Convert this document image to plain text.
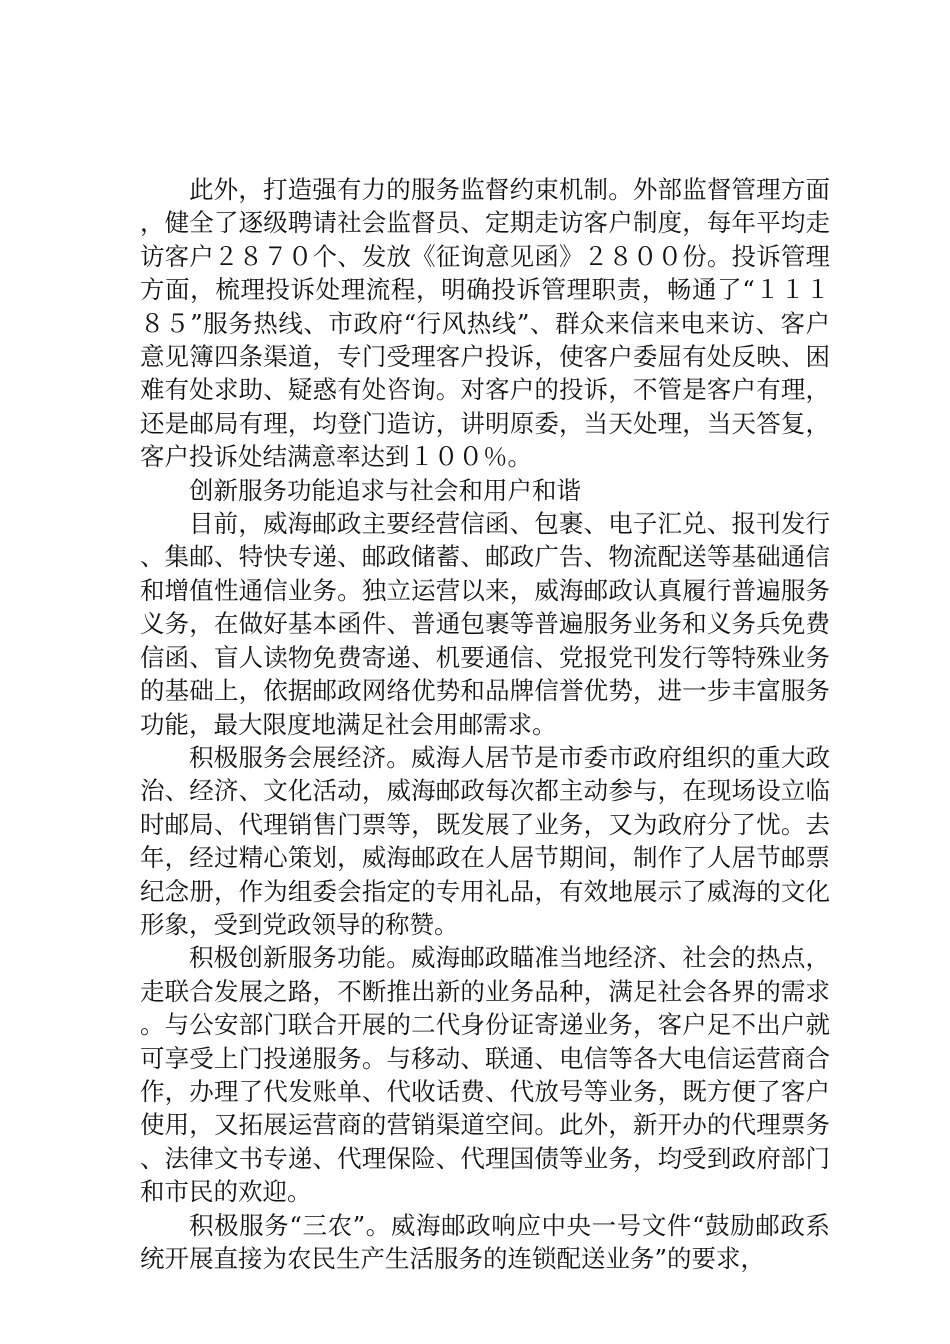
此外，打造强有力的服务监督约束机制。外部监督管理方面，健全了逐级聘请社会监督员、定期走访客户制度，每年平均走访客户２８７０个、发放《征询意见函》２８００份。投诉管理方面，梳理投诉处理流程，明确投诉管理职责，畅通了“１１１８５”服务热线、市政府“行风热线”、群众来信来电来访、客户意见簿四条渠道，专门受理客户投诉，使客户委屈有处反映、困难有处求助、疑惑有处咨询。对客户的投诉，不管是客户有理，还是邮局有理，均登门造访，讲明原委，当天处理，当天答复，客户投诉处结满意率达到１００％。

创新服务功能追求与社会和用户和谐

目前，威海邮政主要经营信函、包裹、电子汇兑、报刊发行、集邮、特快专递、邮政储蓄、邮政广告、物流配送等基础通信和增值性通信业务。独立运营以来，威海邮政认真履行普遍服务义务，在做好基本函件、普通包裹等普遍服务业务和义务兵免费信函、盲人读物免费寄递、机要通信、党报党刊发行等特殊业务的基础上，依据邮政网络优势和品牌信誉优势，进一步丰富服务功能，最大限度地满足社会用邮需求。

积极服务会展经济。威海人居节是市委市政府组织的重大政治、经济、文化活动，威海邮政每次都主动参与，在现场设立临时邮局、代理销售门票等，既发展了业务，又为政府分了忧。去年，经过精心策划，威海邮政在人居节期间，制作了人居节邮票纪念册，作为组委会指定的专用礼品，有效地展示了威海的文化形象，受到党政领导的称赞。

积极创新服务功能。威海邮政瞄准当地经济、社会的热点，走联合发展之路，不断推出新的业务品种，满足社会各界的需求。与公安部门联合开展的二代身份证寄递业务，客户足不出户就可享受上门投递服务。与移动、联通、电信等各大电信运营商合作，办理了代发账单、代收话费、代放号等业务，既方便了客户使用，又拓展运营商的营销渠道空间。此外，新开办的代理票务、法律文书专递、代理保险、代理国债等业务，均受到政府部门和市民的欢迎。

积极服务“三农”。威海邮政响应中央一号文件“鼓励邮政系统开展直接为农民生产生活服务的连锁配送业务”的要求，
